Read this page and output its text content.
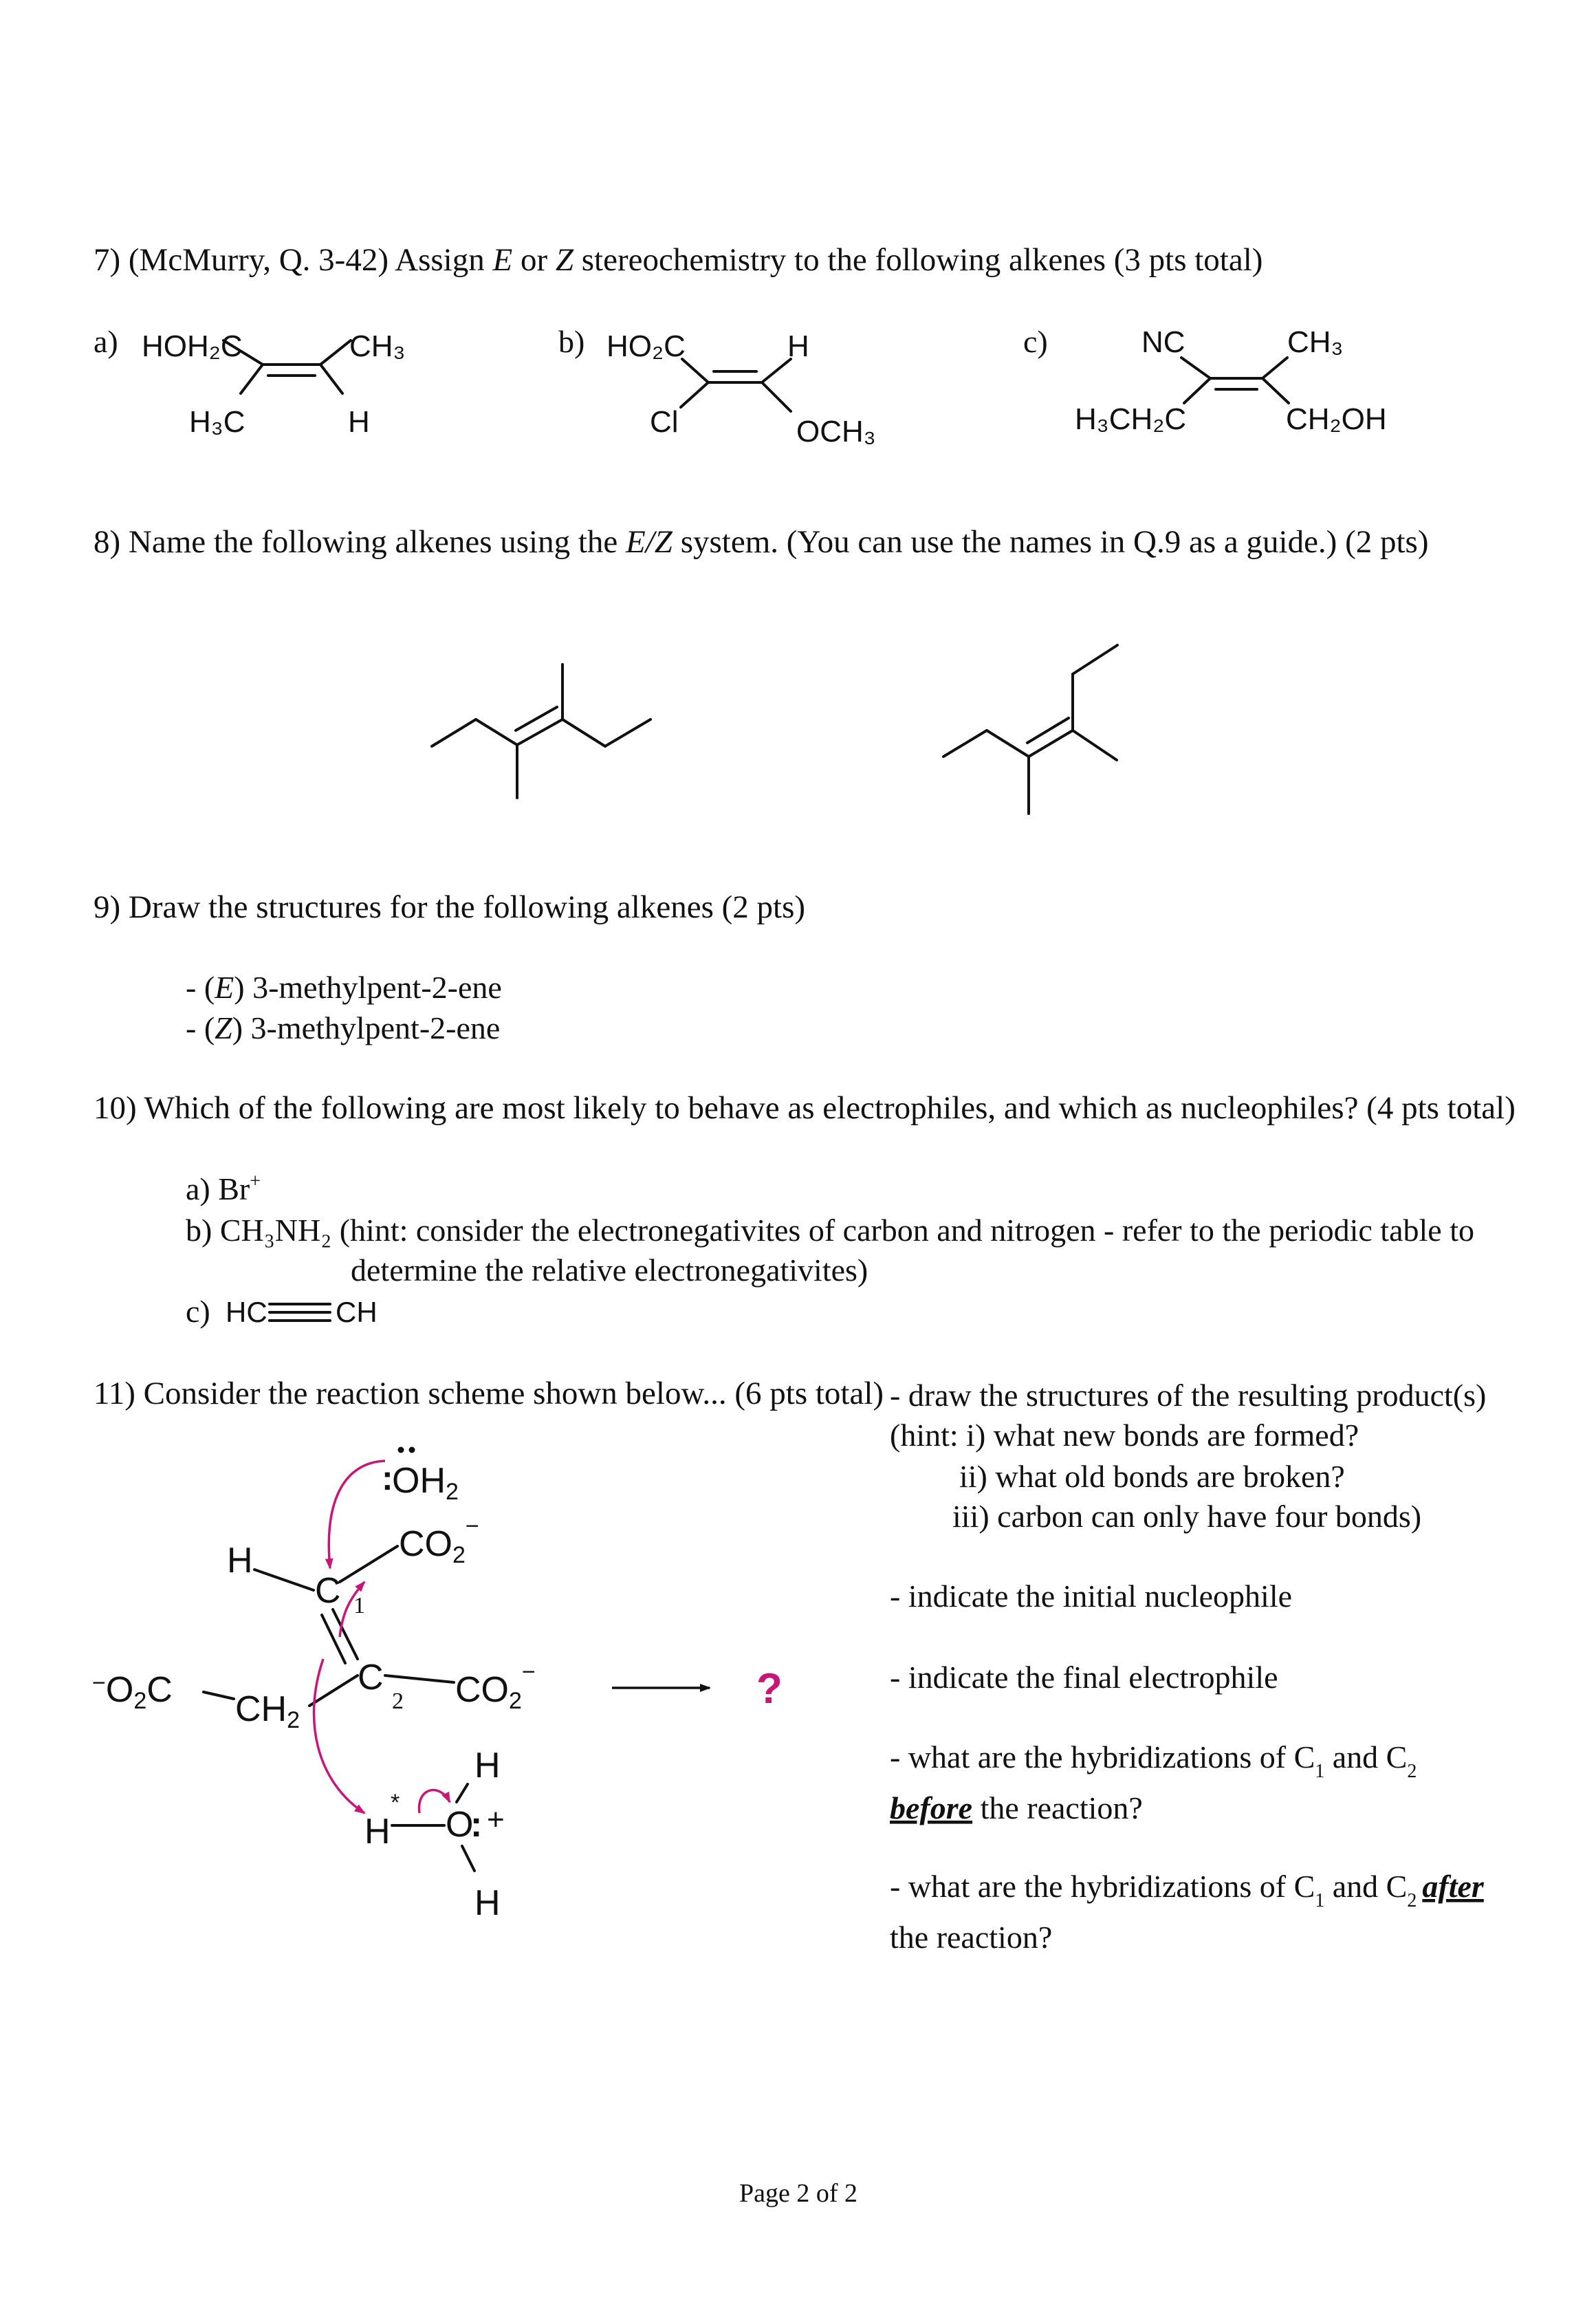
7) (McMurry, Q. 3-42) Assign E or Z stereochemistry to the following alkenes (3 pts total)
a) HOH₂C	CH₃
H₃C	H
b) HO₂C	H
Cl	OCH₃
c)	NC	CH₃
H₃CH₂C	CH₂OH
8) Name the following alkenes using the E/Z system. (You can use the names in Q.9 as a guide.) (2 pts)
9) Draw the structures for the following alkenes (2 pts)
- (E) 3-methylpent-2-ene
- (Z) 3-methylpent-2-ene
10) Which of the following are most likely to behave as electrophiles, and which as nucleophiles? (4 pts total)
a) Br+
b) CH₃NH₂ (hint: consider the electronegativites of carbon and nitrogen - refer to the periodic table to
determine the relative electronegativites)
c) HC CH
11) Consider the reaction scheme shown below... (6 pts total) - draw the structures of the resulting product(s)
(hint: i) what new bonds are formed?
ii) what old bonds are broken?
iii) carbon can only have four bonds)
- indicate the initial nucleophile
- indicate the final electrophile
- what are the hybridizations of $C_1$ and $C_2$
before the reaction?
- what are the hybridizations of $C_1$ and $C_2$ after
the reaction?
:
OH2
CO2−
H
C 1
C
2 CO2−
−O2C CH2
H
O
: +
H
*
H
?
Page 2 of 2
